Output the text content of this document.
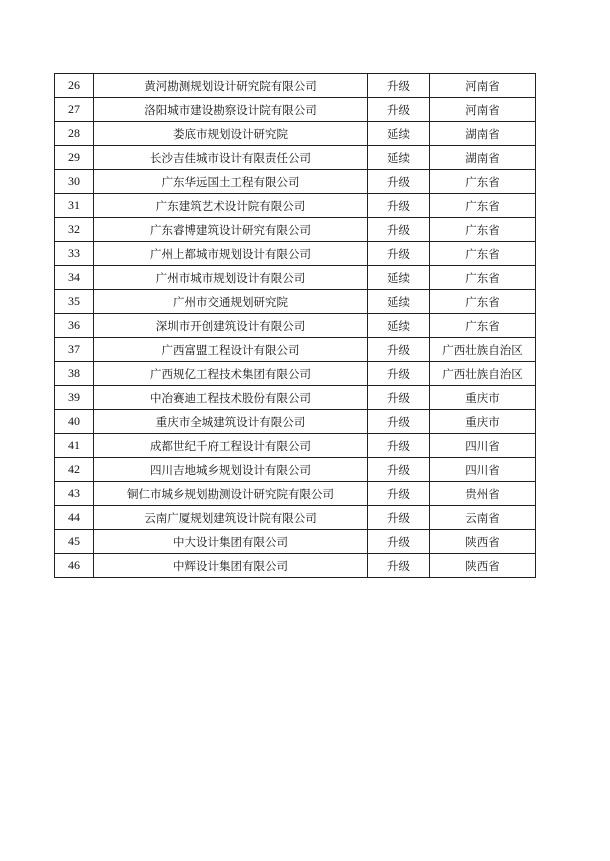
26	黄河勘测规划设计研究院有限公司	升级	河南省
27	洛阳城市建设勘察设计院有限公司	升级	河南省
28	娄底市规划设计研究院	延续	湖南省
29	长沙吉佳城市设计有限责任公司	延续	湖南省
30	广东华远国土工程有限公司	升级	广东省
31	广东建筑艺术设计院有限公司	升级	广东省
32	广东睿博建筑设计研究有限公司	升级	广东省
33	广州上都城市规划设计有限公司	升级	广东省
34	广州市城市规划设计有限公司	延续	广东省
35	广州市交通规划研究院	延续	广东省
36	深圳市开创建筑设计有限公司	延续	广东省
37	广西富盟工程设计有限公司	升级	广西壮族自治区
38	广西规亿工程技术集团有限公司	升级	广西壮族自治区
39	中冶赛迪工程技术股份有限公司	升级	重庆市
40	重庆市全城建筑设计有限公司	升级	重庆市
41	成都世纪千府工程设计有限公司	升级	四川省
42	四川吉地城乡规划设计有限公司	升级	四川省
43	铜仁市城乡规划勘测设计研究院有限公司	升级	贵州省
44	云南广厦规划建筑设计院有限公司	升级	云南省
45	中大设计集团有限公司	升级	陕西省
46	中辉设计集团有限公司	升级	陕西省
